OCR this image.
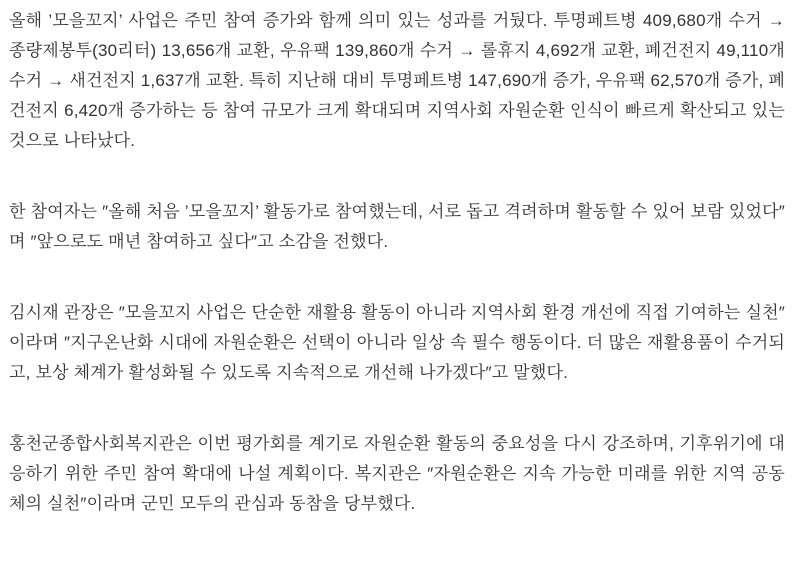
올해 ’모을꼬지’ 사업은 주민 참여 증가와 함께 의미 있는 성과를 거뒀다. 투명페트병 409,680개 수거 → 종량제봉투(30리터) 13,656개 교환, 우유팩 139,860개 수거 → 롤휴지 4,692개 교환, 폐건전지 49,110개 수거 → 새건전지 1,637개 교환. 특히 지난해 대비 투명페트병 147,690개 증가, 우유팩 62,570개 증가, 폐건전지 6,420개 증가하는 등 참여 규모가 크게 확대되며 지역사회 자원순환 인식이 빠르게 확산되고 있는 것으로 나타났다.

한 참여자는 ″올해 처음 ’모을꼬지’ 활동가로 참여했는데, 서로 돕고 격려하며 활동할 수 있어 보람 있었다″며 ″앞으로도 매년 참여하고 싶다″고 소감을 전했다.

김시재 관장은 ″모을꼬지 사업은 단순한 재활용 활동이 아니라 지역사회 환경 개선에 직접 기여하는 실천″이라며 ″지구온난화 시대에 자원순환은 선택이 아니라 일상 속 필수 행동이다. 더 많은 재활용품이 수거되고, 보상 체계가 활성화될 수 있도록 지속적으로 개선해 나가겠다″고 말했다.

홍천군종합사회복지관은 이번 평가회를 계기로 자원순환 활동의 중요성을 다시 강조하며, 기후위기에 대응하기 위한 주민 참여 확대에 나설 계획이다. 복지관은 ″자원순환은 지속 가능한 미래를 위한 지역 공동체의 실천″이라며 군민 모두의 관심과 동참을 당부했다.
